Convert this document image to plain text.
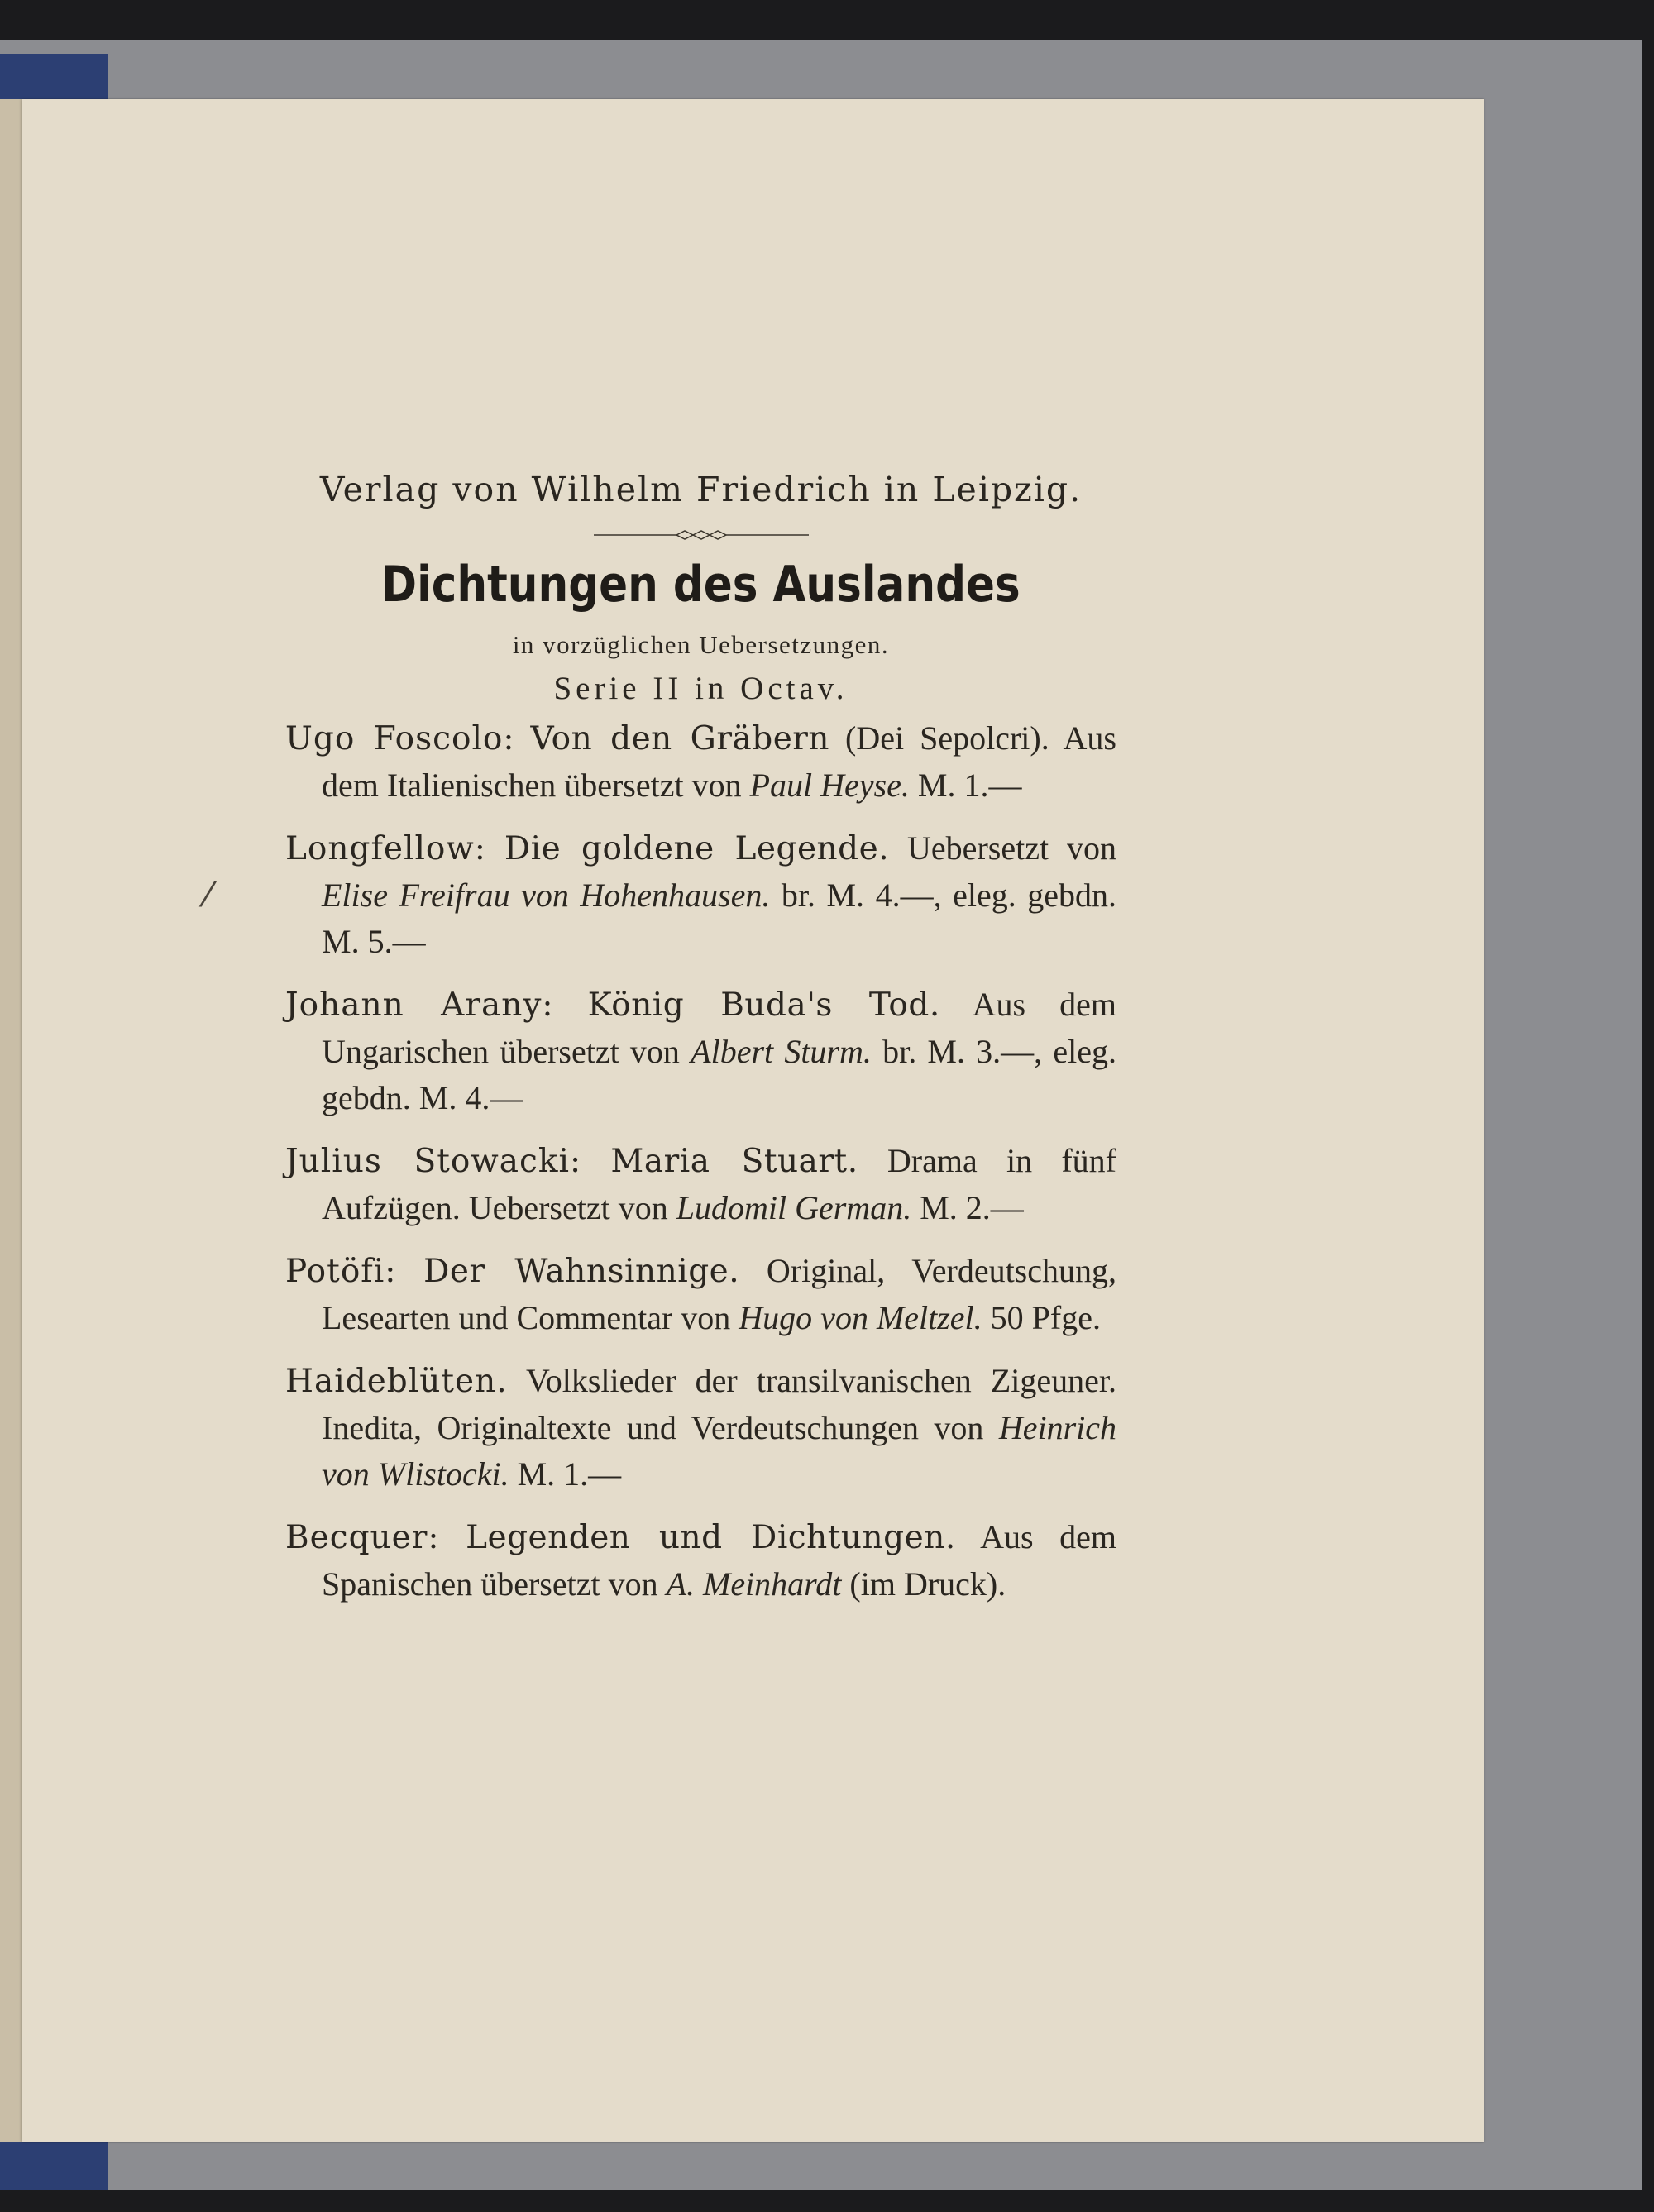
⁄

Verlag von Wilhelm Friedrich in Leipzig.

Dichtungen des Auslandes

in vorzüglichen Uebersetzungen.

Serie II in Octav.

Ugo Foscolo: Von den Gräbern (Dei Sepolcri). Aus dem Italienischen übersetzt von Paul Heyse. M. 1.—

Longfellow: Die goldene Legende. Uebersetzt von Elise Freifrau von Hohenhausen. br. M. 4.—, eleg. gebdn. M. 5.—

Johann Arany: König Buda's Tod. Aus dem Ungarischen übersetzt von Albert Sturm. br. M. 3.—, eleg. gebdn. M. 4.—

Julius Stowacki: Maria Stuart. Drama in fünf Aufzügen. Uebersetzt von Ludomil German. M. 2.—

Potöfi: Der Wahnsinnige. Original, Verdeutschung, Lesearten und Commentar von Hugo von Meltzel. 50 Pfge.

Haideblüten. Volkslieder der transilvanischen Zigeuner. Inedita, Originaltexte und Verdeutschungen von Heinrich von Wlistocki. M. 1.—

Becquer: Legenden und Dichtungen. Aus dem Spanischen übersetzt von A. Meinhardt (im Druck).
